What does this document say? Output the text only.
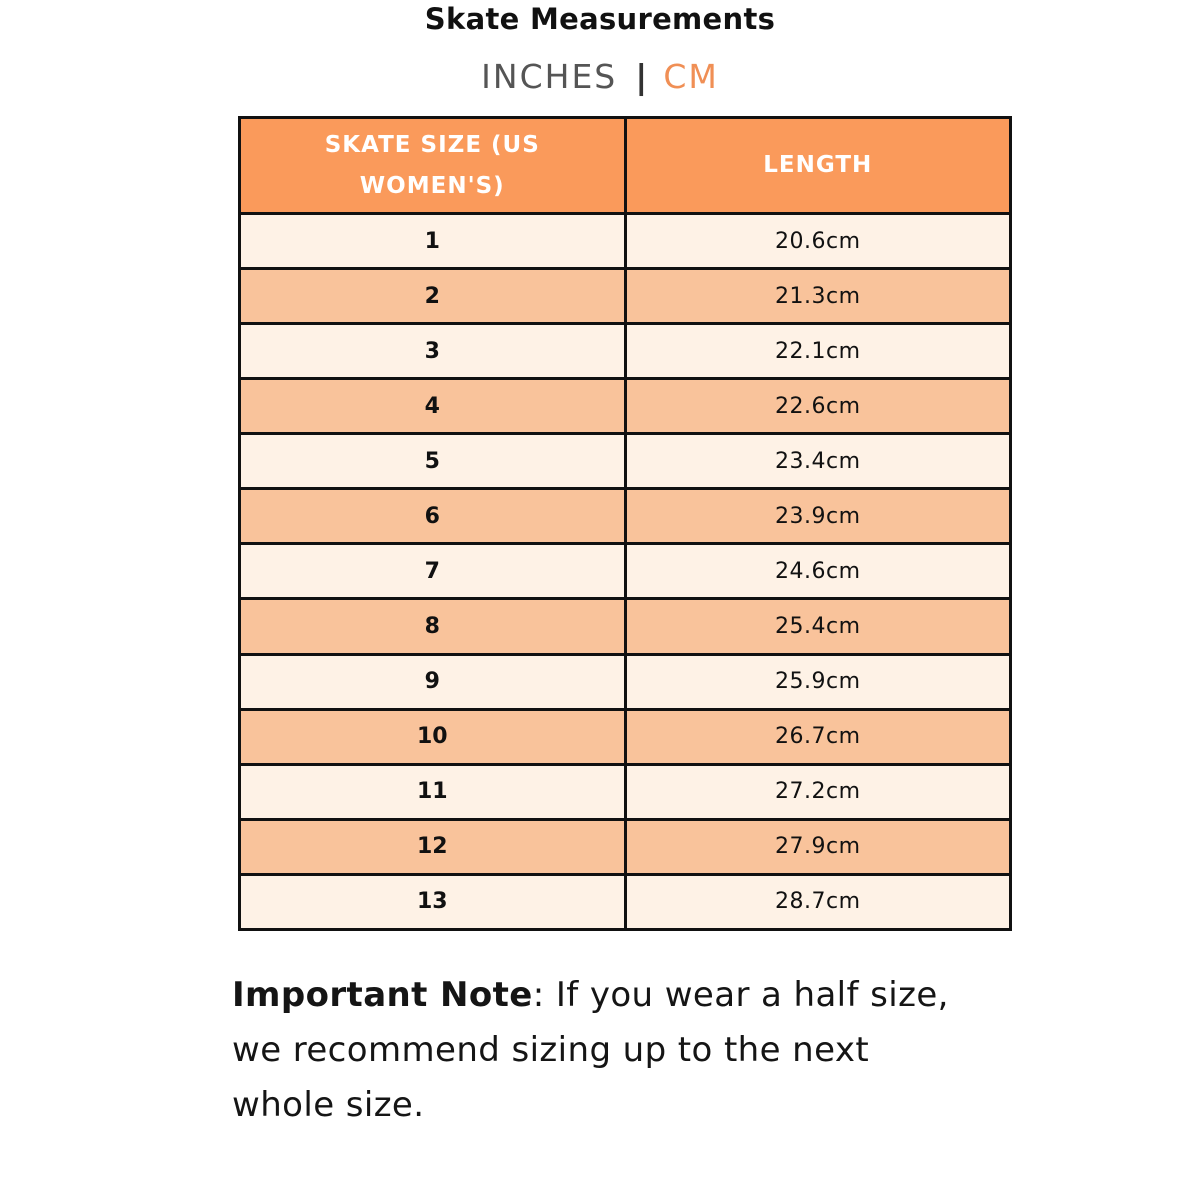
Skate Measurements
INCHES | CM
SKATE SIZE (US WOMEN'S)	LENGTH

1	20.6cm
2	21.3cm
3	22.1cm
4	22.6cm
5	23.4cm
6	23.9cm
7	24.6cm
8	25.4cm
9	25.9cm
10	26.7cm
11	27.2cm
12	27.9cm
13	28.7cm
Important Note: If you wear a half size, we recommend sizing up to the next whole size.
